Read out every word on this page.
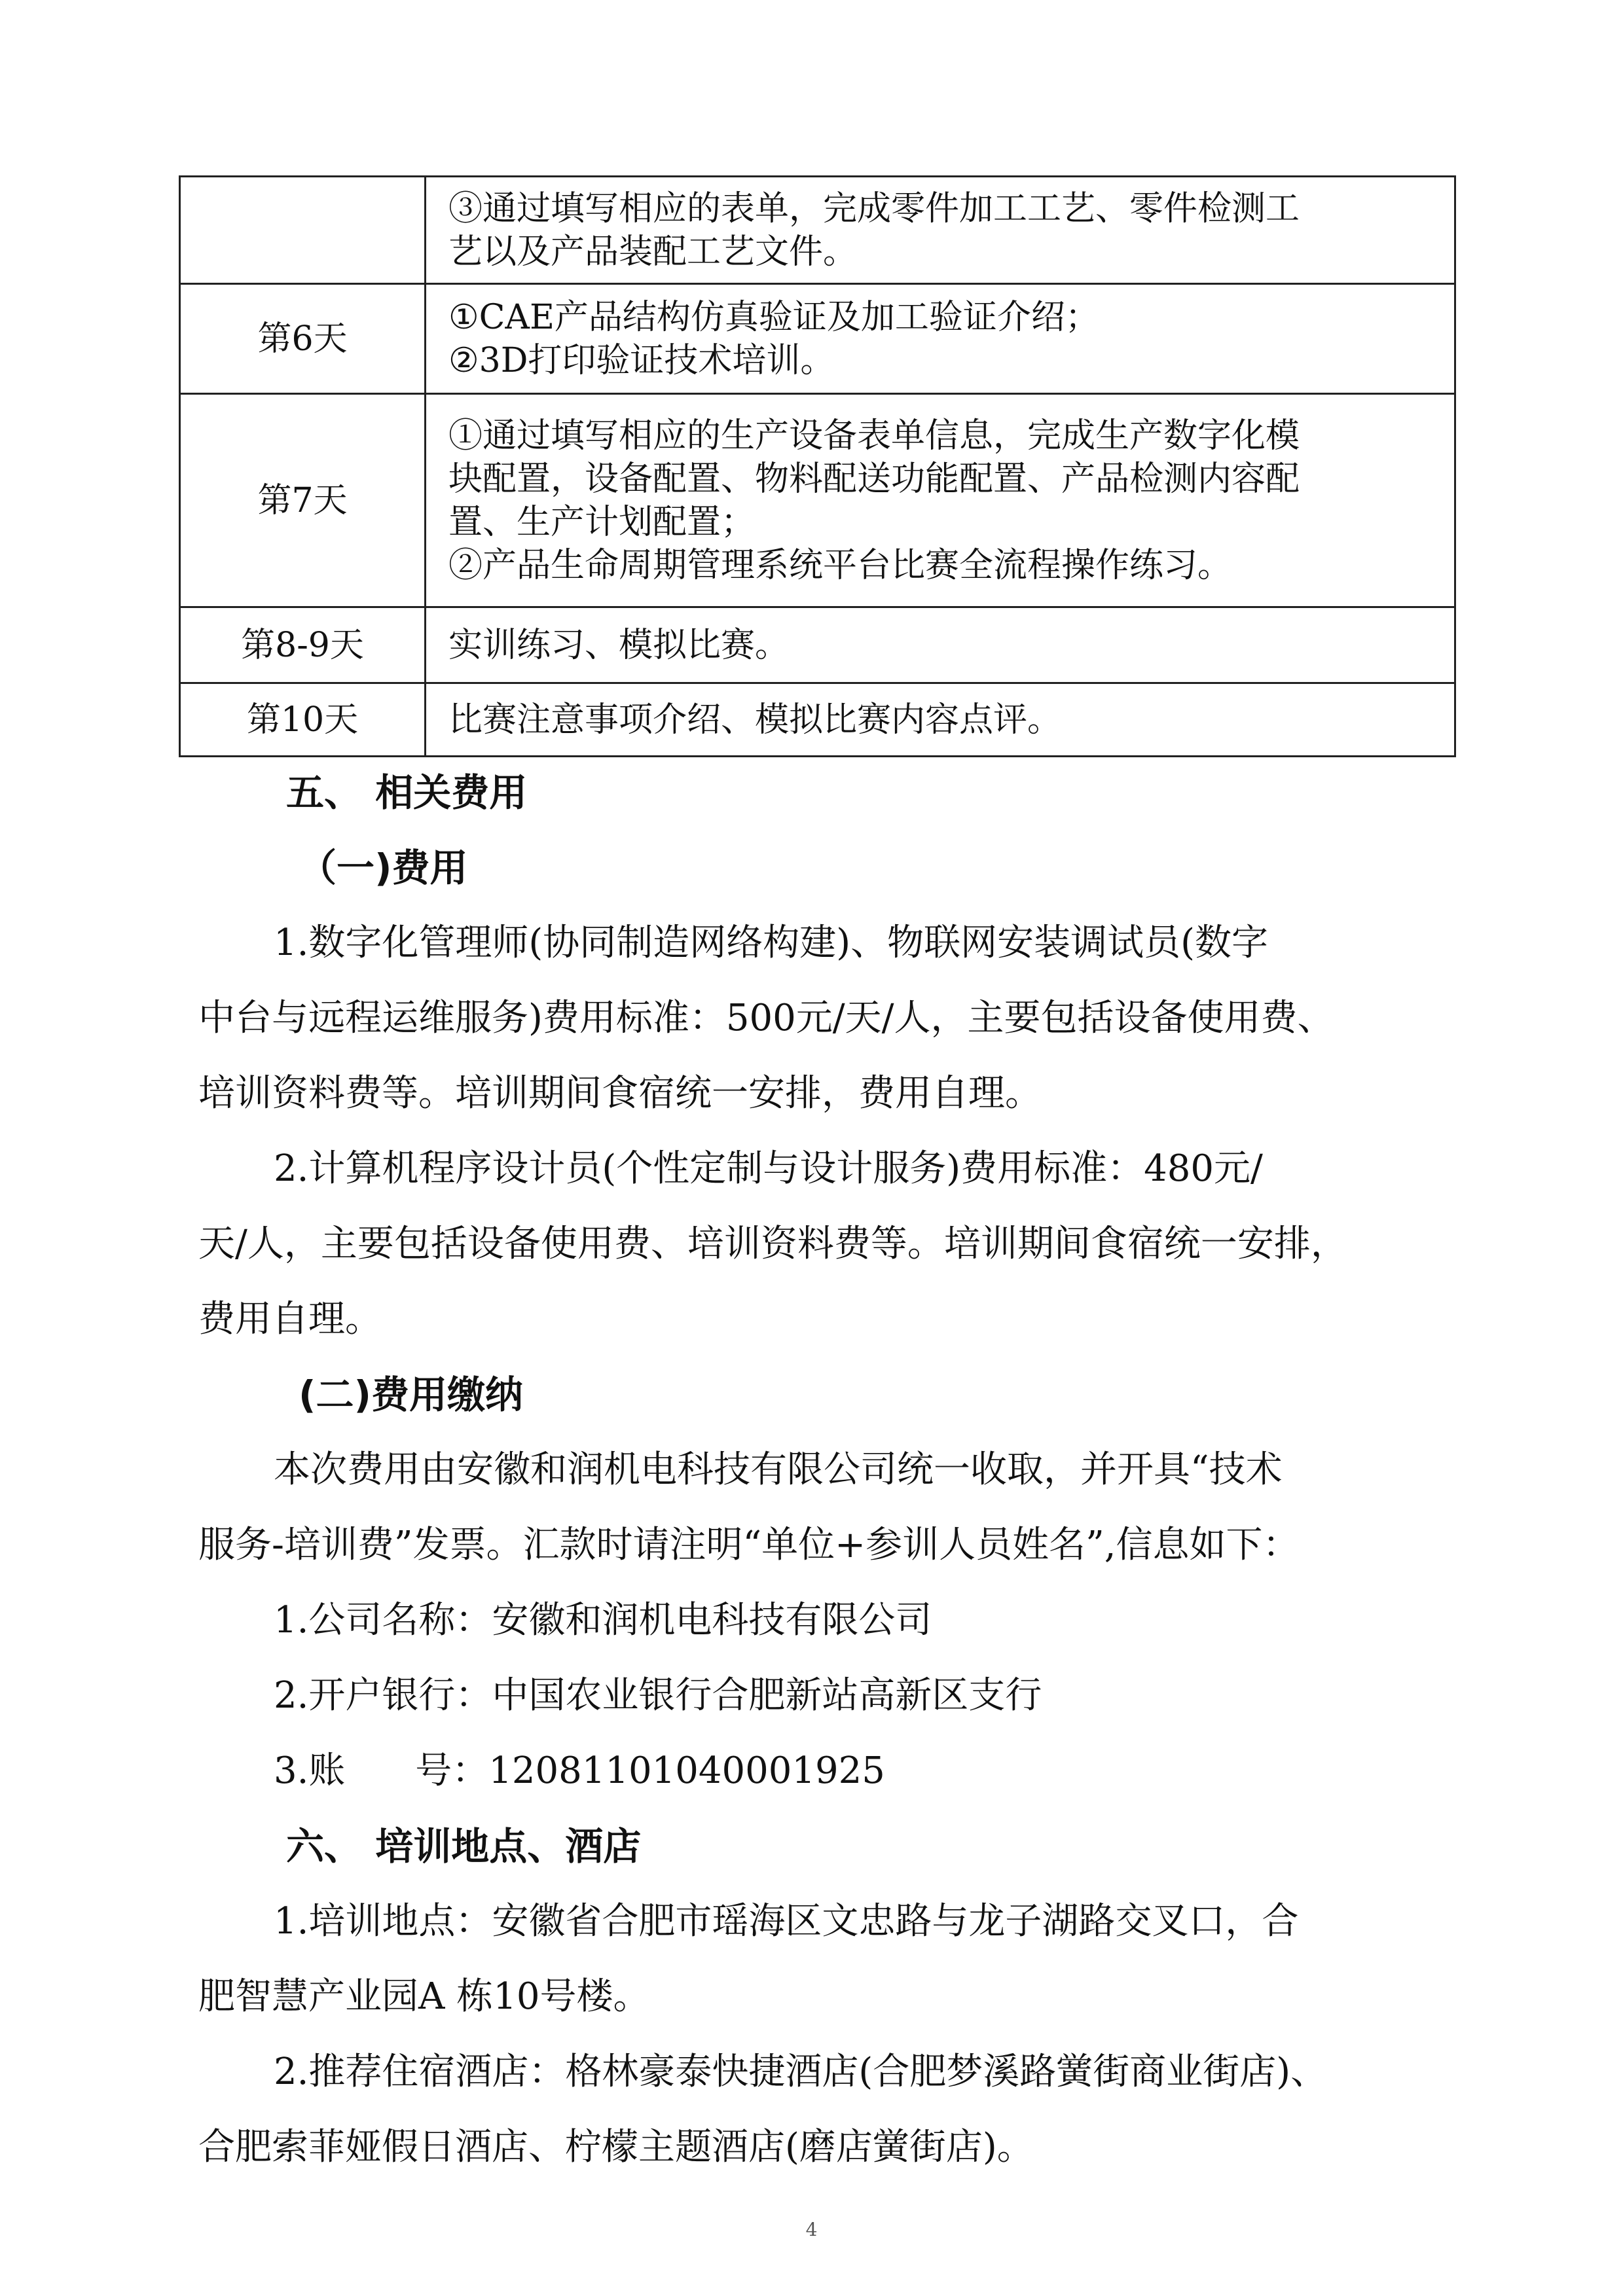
	③通过填写相应的表单，完成零件加工工艺、零件检测工
艺以及产品装配工艺文件。

第6天	①CAE产品结构仿真验证及加工验证介绍；
②3D打印验证技术培训。

第7天	①通过填写相应的生产设备表单信息，完成生产数字化模
块配置，设备配置、物料配送功能配置、产品检测内容配
置、生产计划配置；
②产品生命周期管理系统平台比赛全流程操作练习。

第8-9天	实训练习、模拟比赛。

第10天	比赛注意事项介绍、模拟比赛内容点评。
五、 相关费用
（一)费用
1.数字化管理师(协同制造网络构建)、物联网安装调试员(数字
中台与远程运维服务)费用标准：500元/天/人，主要包括设备使用费、
培训资料费等。培训期间食宿统一安排，费用自理。
2.计算机程序设计员(个性定制与设计服务)费用标准：480元/
天/人，主要包括设备使用费、培训资料费等。培训期间食宿统一安排，
费用自理。
(二)费用缴纳
本次费用由安徽和润机电科技有限公司统一收取，并开具“技术
服务-培训费”发票。汇款时请注明“单位+参训人员姓名”,信息如下：
1.公司名称：安徽和润机电科技有限公司
2.开户银行：中国农业银行合肥新站高新区支行
3.账      号：12081101040001925
六、 培训地点、酒店
1.培训地点：安徽省合肥市瑶海区文忠路与龙子湖路交叉口，合
肥智慧产业园A 栋10号楼。
2.推荐住宿酒店：格林豪泰快捷酒店(合肥梦溪路黉街商业街店)、
合肥索菲娅假日酒店、柠檬主题酒店(磨店黉街店)。
4
